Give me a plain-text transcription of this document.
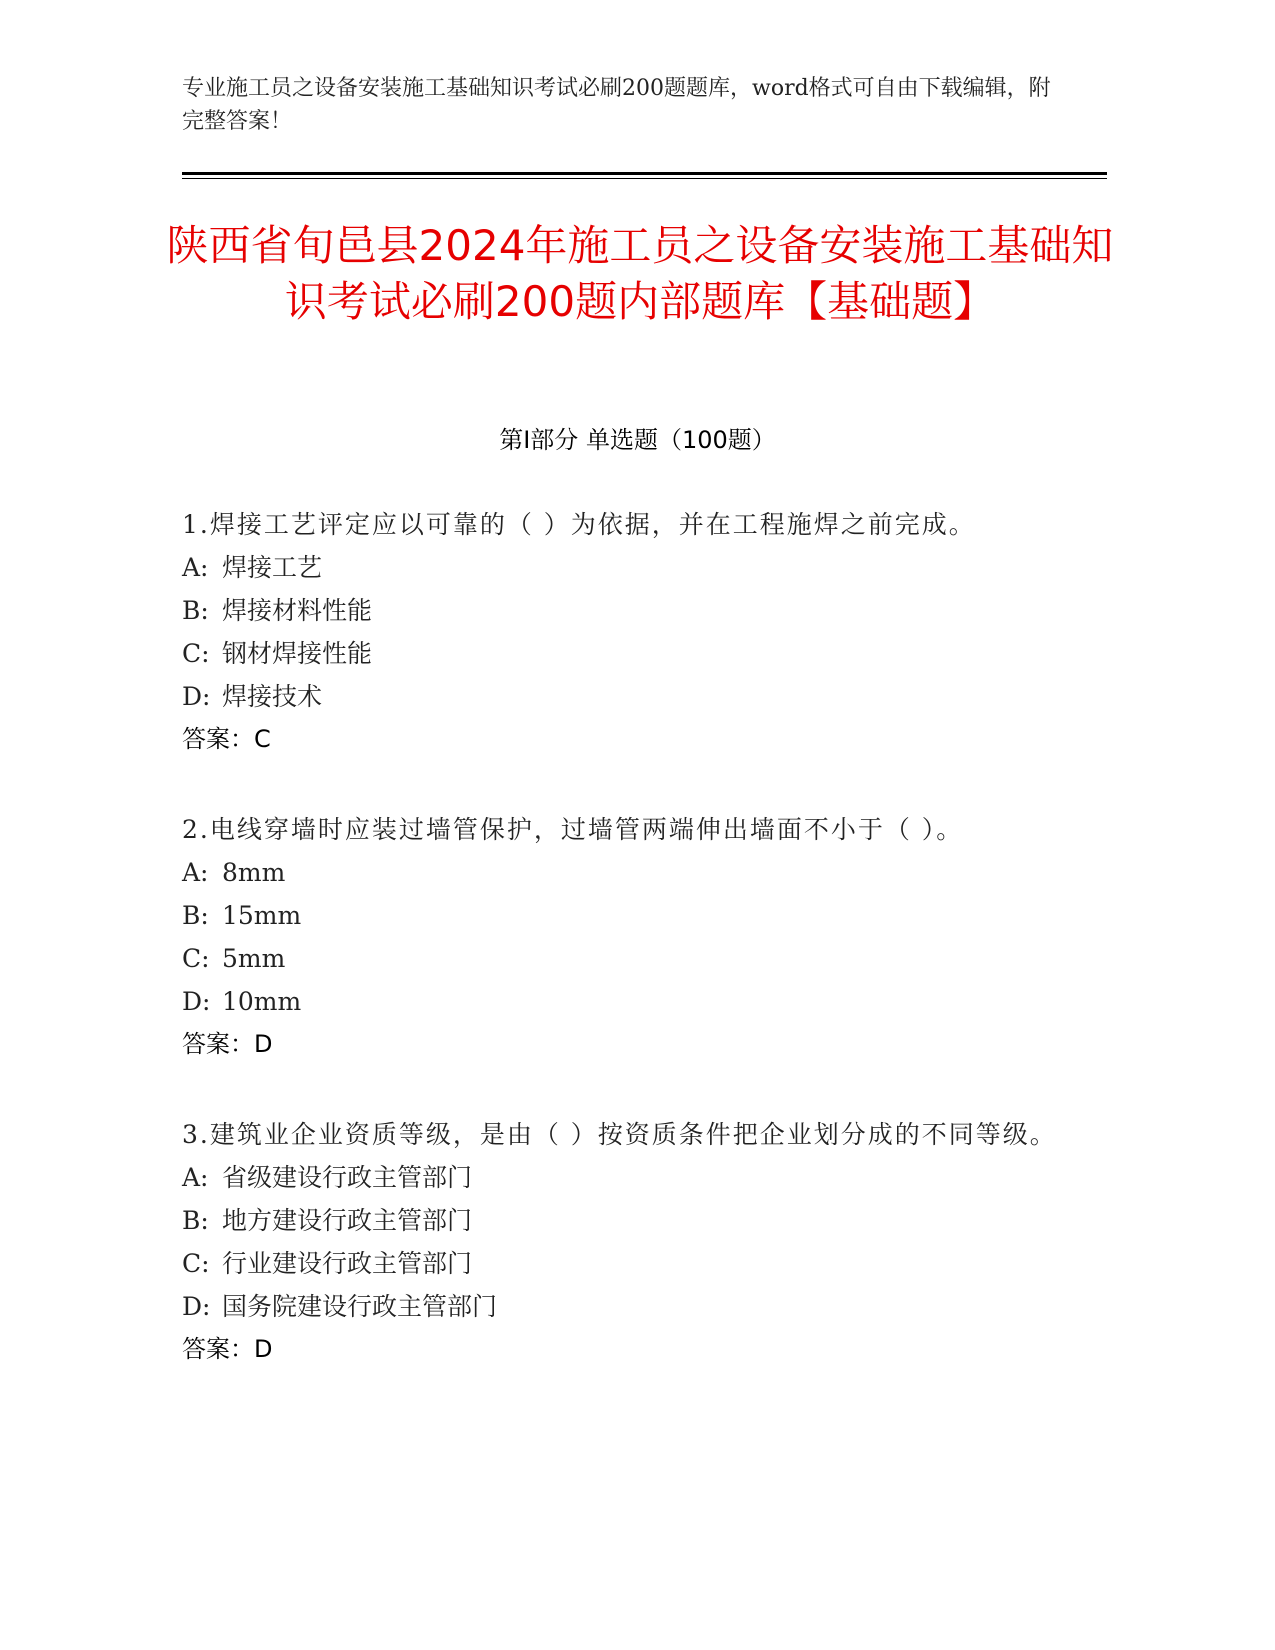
专业施工员之设备安装施工基础知识考试必刷200题题库，word格式可自由下载编辑，附完整答案！
陕西省旬邑县2024年施工员之设备安装施工基础知识考试必刷200题内部题库【基础题】
第Ⅰ部分 单选题（100题）
1.焊接工艺评定应以可靠的（ ）为依据，并在工程施焊之前完成。
A: 焊接工艺
B: 焊接材料性能
C: 钢材焊接性能
D: 焊接技术
答案：C
2.电线穿墙时应装过墙管保护，过墙管两端伸出墙面不小于（ ）。
A: 8mm
B: 15mm
C: 5mm
D: 10mm
答案：D
3.建筑业企业资质等级，是由（ ）按资质条件把企业划分成的不同等级。
A: 省级建设行政主管部门
B: 地方建设行政主管部门
C: 行业建设行政主管部门
D: 国务院建设行政主管部门
答案：D
